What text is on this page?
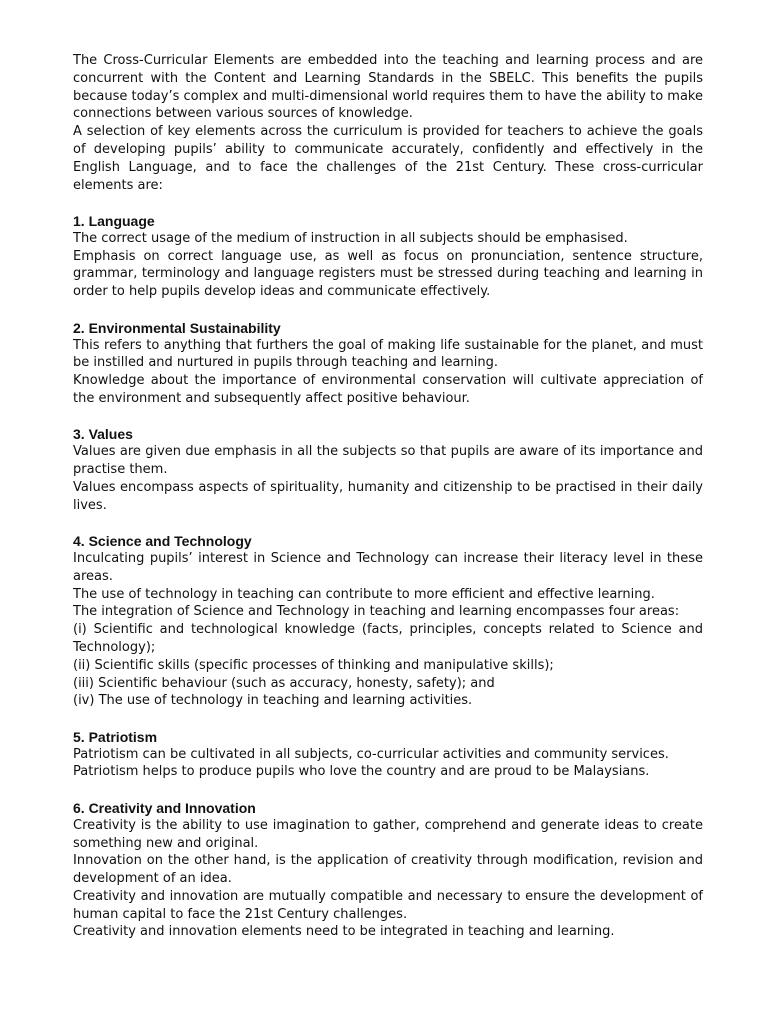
The Cross-Curricular Elements are embedded into the teaching and learning process and are concurrent with the Content and Learning Standards in the SBELC. This benefits the pupils because today’s complex and multi-dimensional world requires them to have the ability to make connections between various sources of knowledge.

A selection of key elements across the curriculum is provided for teachers to achieve the goals of developing pupils’ ability to communicate accurately, confidently and effectively in the English Language, and to face the challenges of the 21st Century. These cross-curricular elements are:

1. Language

The correct usage of the medium of instruction in all subjects should be emphasised.

Emphasis on correct language use, as well as focus on pronunciation, sentence structure, grammar, terminology and language registers must be stressed during teaching and learning in order to help pupils develop ideas and communicate effectively.

2. Environmental Sustainability

This refers to anything that furthers the goal of making life sustainable for the planet, and must be instilled and nurtured in pupils through teaching and learning.

Knowledge about the importance of environmental conservation will cultivate appreciation of the environment and subsequently affect positive behaviour.

3. Values

Values are given due emphasis in all the subjects so that pupils are aware of its importance and practise them.

Values encompass aspects of spirituality, humanity and citizenship to be practised in their daily lives.

4. Science and Technology

Inculcating pupils’ interest in Science and Technology can increase their literacy level in these areas.

The use of technology in teaching can contribute to more efficient and effective learning.

The integration of Science and Technology in teaching and learning encompasses four areas:

(i) Scientific and technological knowledge (facts, principles, concepts related to Science and Technology);

(ii) Scientific skills (specific processes of thinking and manipulative skills);

(iii) Scientific behaviour (such as accuracy, honesty, safety); and

(iv) The use of technology in teaching and learning activities.

5. Patriotism

Patriotism can be cultivated in all subjects, co-curricular activities and community services.

Patriotism helps to produce pupils who love the country and are proud to be Malaysians.

6. Creativity and Innovation

Creativity is the ability to use imagination to gather, comprehend and generate ideas to create something new and original.

Innovation on the other hand, is the application of creativity through modification, revision and development of an idea.

Creativity and innovation are mutually compatible and necessary to ensure the development of human capital to face the 21st Century challenges.

Creativity and innovation elements need to be integrated in teaching and learning.
